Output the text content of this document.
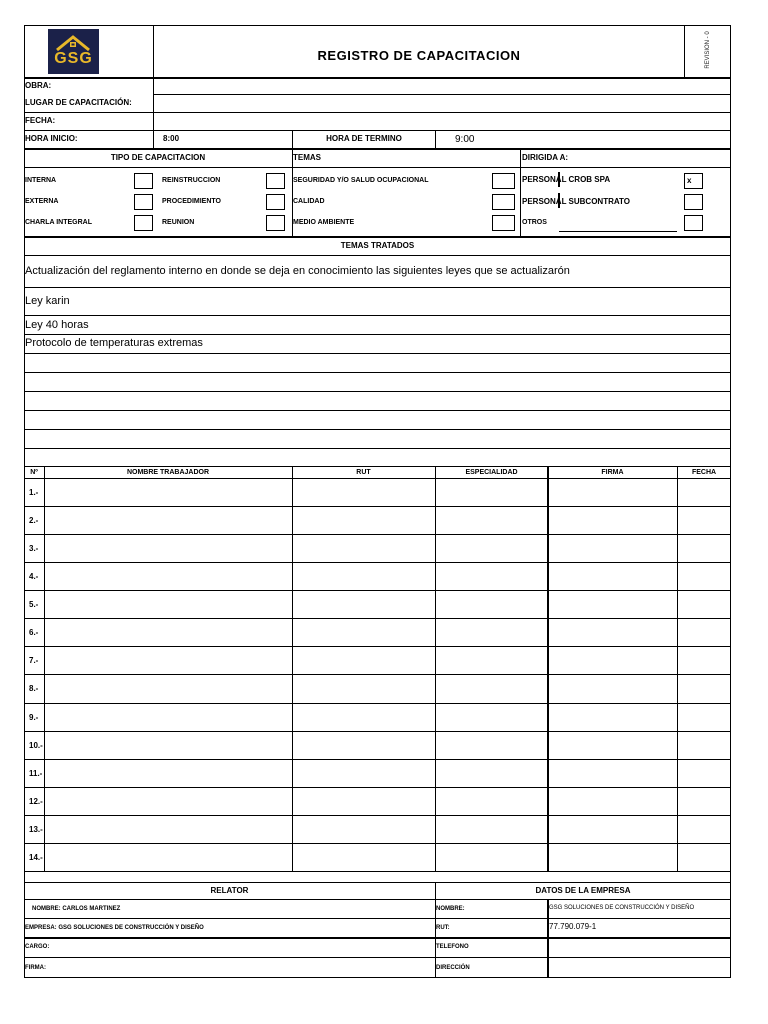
GSG	REGISTRO DE CAPACITACION	REVISION - 0
OBRA:
LUGAR DE CAPACITACIÓN:
FECHA:
HORA INICIO:	8:00	HORA DE TERMINO	9:00
TIPO DE CAPACITACION	TEMAS	DIRIGIDA A:
INTERNA	REINSTRUCCION	SEGURIDAD Y/O SALUD OCUPACIONAL	PERSONAL CROB SPA	x
EXTERNA	PROCEDIMIENTO	CALIDAD	PERSONAL SUBCONTRATO
CHARLA INTEGRAL	REUNION	MEDIO AMBIENTE	OTROS
TEMAS TRATADOS
Actualización del reglamento interno en donde se deja en conocimiento las siguientes leyes que se actualizarón
Ley karin
Ley 40 horas
Protocolo de temperaturas extremas
Nº	NOMBRE TRABAJADOR	RUT	ESPECIALIDAD	FIRMA	FECHA
1.-
2.-
3.-
4.-
5.-
6.-
7.-
8.-
9.-
10.-
11.-
12.-
13.-
14.-
RELATOR	DATOS DE LA EMPRESA
NOMBRE: CARLOS MARTINEZ	NOMBRE:	GSG SOLUCIONES DE CONSTRUCCIÓN Y DISEÑO
EMPRESA: GSG SOLUCIONES DE CONSTRUCCIÓN Y DISEÑO	RUT:	77.790.079-1
CARGO:	TELEFONO
FIRMA:	DIRECCIÓN
